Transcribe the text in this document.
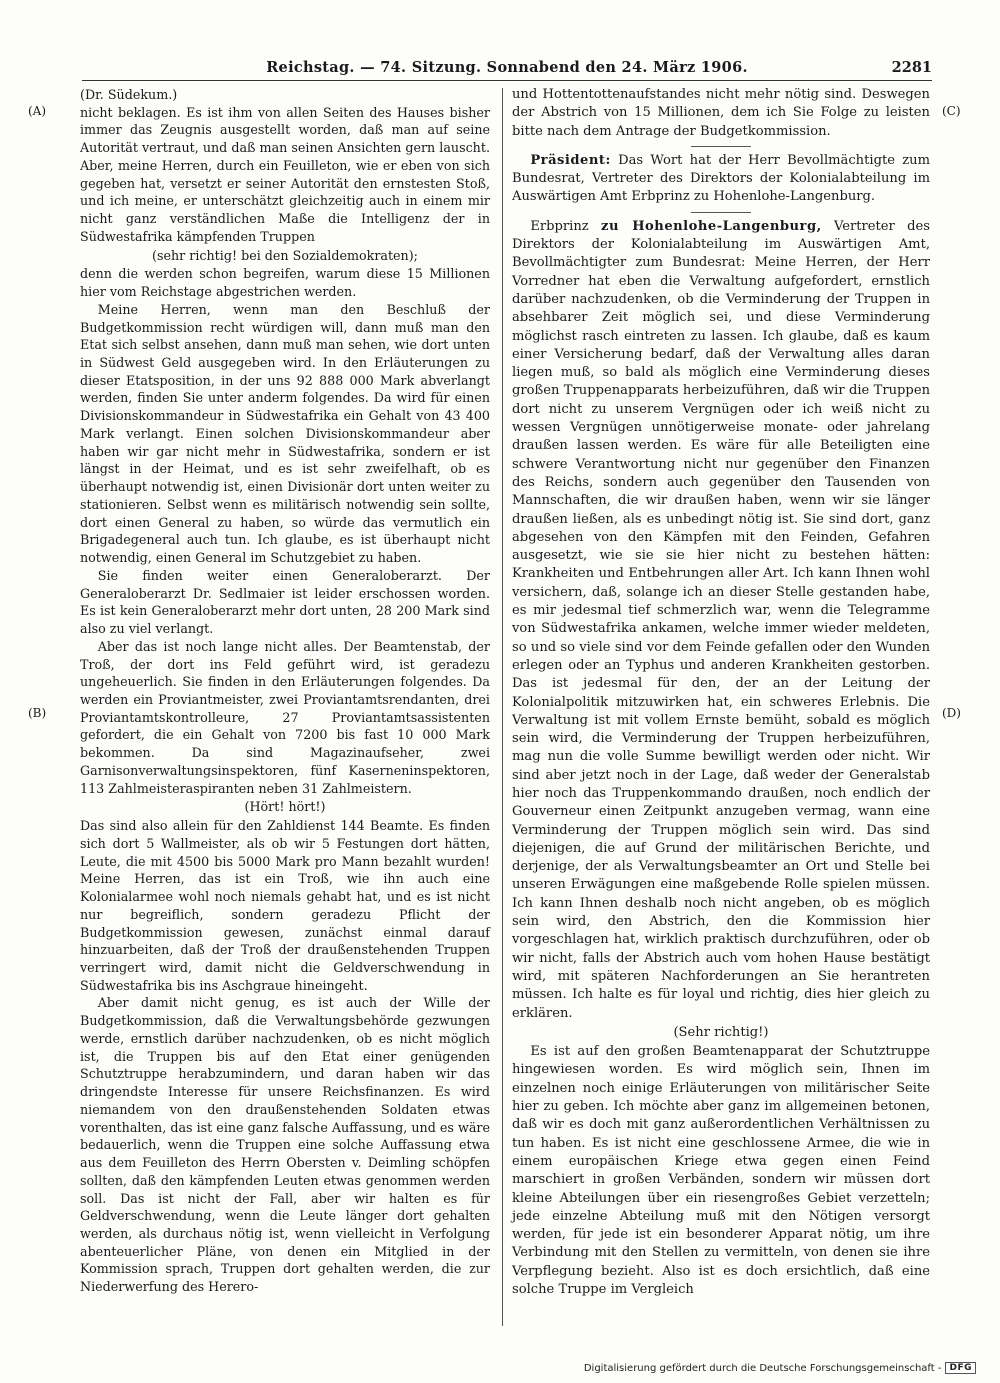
Reichstag. — 74. Sitzung. Sonnabend den 24. März 1906.	2281
(A)
(B)
(C)
(D)

(Dr. Südekum.)

nicht beklagen. Es ist ihm von allen Seiten des Hauses bisher immer das Zeugnis ausgestellt worden, daß man auf seine Autorität vertraut, und daß man seinen Ansichten gern lauscht. Aber, meine Herren, durch ein Feuilleton, wie er eben von sich gegeben hat, versetzt er seiner Autorität den ernstesten Stoß, und ich meine, er unterschätzt gleichzeitig auch in einem mir nicht ganz verständlichen Maße die Intelligenz der in Südwestafrika kämpfenden Truppen

(sehr richtig! bei den Sozialdemokraten);

denn die werden schon begreifen, warum diese 15 Millionen hier vom Reichstage abgestrichen werden.

Meine Herren, wenn man den Beschluß der Budgetkommission recht würdigen will, dann muß man den Etat sich selbst ansehen, dann muß man sehen, wie dort unten in Südwest Geld ausgegeben wird. In den Erläuterungen zu dieser Etatsposition, in der uns 92 888 000 Mark abverlangt werden, finden Sie unter anderm folgendes. Da wird für einen Divisionskommandeur in Südwestafrika ein Gehalt von 43 400 Mark verlangt. Einen solchen Divisionskommandeur aber haben wir gar nicht mehr in Südwestafrika, sondern er ist längst in der Heimat, und es ist sehr zweifelhaft, ob es überhaupt notwendig ist, einen Divisionär dort unten weiter zu stationieren. Selbst wenn es militärisch notwendig sein sollte, dort einen General zu haben, so würde das vermutlich ein Brigadegeneral auch tun. Ich glaube, es ist überhaupt nicht notwendig, einen General im Schutzgebiet zu haben.

Sie finden weiter einen Generaloberarzt. Der Generaloberarzt Dr. Sedlmaier ist leider erschossen worden. Es ist kein Generaloberarzt mehr dort unten, 28 200 Mark sind also zu viel verlangt.

Aber das ist noch lange nicht alles. Der Beamtenstab, der Troß, der dort ins Feld geführt wird, ist geradezu ungeheuerlich. Sie finden in den Erläuterungen folgendes. Da werden ein Proviantmeister, zwei Proviantamtsrendanten, drei Proviantamtskontrolleure, 27 Proviantamtsassistenten gefordert, die ein Gehalt von 7200 bis fast 10 000 Mark bekommen. Da sind Magazinaufseher, zwei Garnisonverwaltungsinspektoren, fünf Kaserneninspektoren, 113 Zahlmeisteraspiranten neben 31 Zahlmeistern.

(Hört! hört!)

Das sind also allein für den Zahldienst 144 Beamte. Es finden sich dort 5 Wallmeister, als ob wir 5 Festungen dort hätten, Leute, die mit 4500 bis 5000 Mark pro Mann bezahlt wurden! Meine Herren, das ist ein Troß, wie ihn auch eine Kolonialarmee wohl noch niemals gehabt hat, und es ist nicht nur begreiflich, sondern geradezu Pflicht der Budgetkommission gewesen, zunächst einmal darauf hinzuarbeiten, daß der Troß der draußenstehenden Truppen verringert wird, damit nicht die Geldverschwendung in Südwestafrika bis ins Aschgraue hineingeht.

Aber damit nicht genug, es ist auch der Wille der Budgetkommission, daß die Verwaltungsbehörde gezwungen werde, ernstlich darüber nachzudenken, ob es nicht möglich ist, die Truppen bis auf den Etat einer genügenden Schutztruppe herabzumindern, und daran haben wir das dringendste Interesse für unsere Reichsfinanzen. Es wird niemandem von den draußenstehenden Soldaten etwas vorenthalten, das ist eine ganz falsche Auffassung, und es wäre bedauerlich, wenn die Truppen eine solche Auffassung etwa aus dem Feuilleton des Herrn Obersten v. Deimling schöpfen sollten, daß den kämpfenden Leuten etwas genommen werden soll. Das ist nicht der Fall, aber wir halten es für Geldverschwendung, wenn die Leute länger dort gehalten werden, als durchaus nötig ist, wenn vielleicht in Verfolgung abenteuerlicher Pläne, von denen ein Mitglied in der Kommission sprach, Truppen dort gehalten werden, die zur Niederwerfung des Herero-

und Hottentottenaufstandes nicht mehr nötig sind. Deswegen der Abstrich von 15 Millionen, dem ich Sie Folge zu leisten bitte nach dem Antrage der Budgetkommission.

Präsident: Das Wort hat der Herr Bevollmächtigte zum Bundesrat, Vertreter des Direktors der Kolonialabteilung im Auswärtigen Amt Erbprinz zu Hohenlohe-Langenburg.

Erbprinz zu Hohenlohe-Langenburg, Vertreter des Direktors der Kolonialabteilung im Auswärtigen Amt, Bevollmächtigter zum Bundesrat: Meine Herren, der Herr Vorredner hat eben die Verwaltung aufgefordert, ernstlich darüber nachzudenken, ob die Verminderung der Truppen in absehbarer Zeit möglich sei, und diese Verminderung möglichst rasch eintreten zu lassen. Ich glaube, daß es kaum einer Versicherung bedarf, daß der Verwaltung alles daran liegen muß, so bald als möglich eine Verminderung dieses großen Truppenapparats herbeizuführen, daß wir die Truppen dort nicht zu unserem Vergnügen oder ich weiß nicht zu wessen Vergnügen unnötigerweise monate- oder jahrelang draußen lassen werden. Es wäre für alle Beteiligten eine schwere Verantwortung nicht nur gegenüber den Finanzen des Reichs, sondern auch gegenüber den Tausenden von Mannschaften, die wir draußen haben, wenn wir sie länger draußen ließen, als es unbedingt nötig ist. Sie sind dort, ganz abgesehen von den Kämpfen mit den Feinden, Gefahren ausgesetzt, wie sie sie hier nicht zu bestehen hätten: Krankheiten und Entbehrungen aller Art. Ich kann Ihnen wohl versichern, daß, solange ich an dieser Stelle gestanden habe, es mir jedesmal tief schmerzlich war, wenn die Telegramme von Südwestafrika ankamen, welche immer wieder meldeten, so und so viele sind vor dem Feinde gefallen oder den Wunden erlegen oder an Typhus und anderen Krankheiten gestorben. Das ist jedesmal für den, der an der Leitung der Kolonialpolitik mitzuwirken hat, ein schweres Erlebnis. Die Verwaltung ist mit vollem Ernste bemüht, sobald es möglich sein wird, die Verminderung der Truppen herbeizuführen, mag nun die volle Summe bewilligt werden oder nicht. Wir sind aber jetzt noch in der Lage, daß weder der Generalstab hier noch das Truppenkommando draußen, noch endlich der Gouverneur einen Zeitpunkt anzugeben vermag, wann eine Verminderung der Truppen möglich sein wird. Das sind diejenigen, die auf Grund der militärischen Berichte, und derjenige, der als Verwaltungsbeamter an Ort und Stelle bei unseren Erwägungen eine maßgebende Rolle spielen müssen. Ich kann Ihnen deshalb noch nicht angeben, ob es möglich sein wird, den Abstrich, den die Kommission hier vorgeschlagen hat, wirklich praktisch durchzuführen, oder ob wir nicht, falls der Abstrich auch vom hohen Hause bestätigt wird, mit späteren Nachforderungen an Sie herantreten müssen. Ich halte es für loyal und richtig, dies hier gleich zu erklären.

(Sehr richtig!)

Es ist auf den großen Beamtenapparat der Schutztruppe hingewiesen worden. Es wird möglich sein, Ihnen im einzelnen noch einige Erläuterungen von militärischer Seite hier zu geben. Ich möchte aber ganz im allgemeinen betonen, daß wir es doch mit ganz außerordentlichen Verhältnissen zu tun haben. Es ist nicht eine geschlossene Armee, die wie in einem europäischen Kriege etwa gegen einen Feind marschiert in großen Verbänden, sondern wir müssen dort kleine Abteilungen über ein riesengroßes Gebiet verzetteln; jede einzelne Abteilung muß mit den Nötigen versorgt werden, für jede ist ein besonderer Apparat nötig, um ihre Verbindung mit den Stellen zu vermitteln, von denen sie ihre Verpflegung bezieht. Also ist es doch ersichtlich, daß eine solche Truppe im Vergleich

Digitalisierung gefördert durch die Deutsche Forschungsgemeinschaft - DFG
